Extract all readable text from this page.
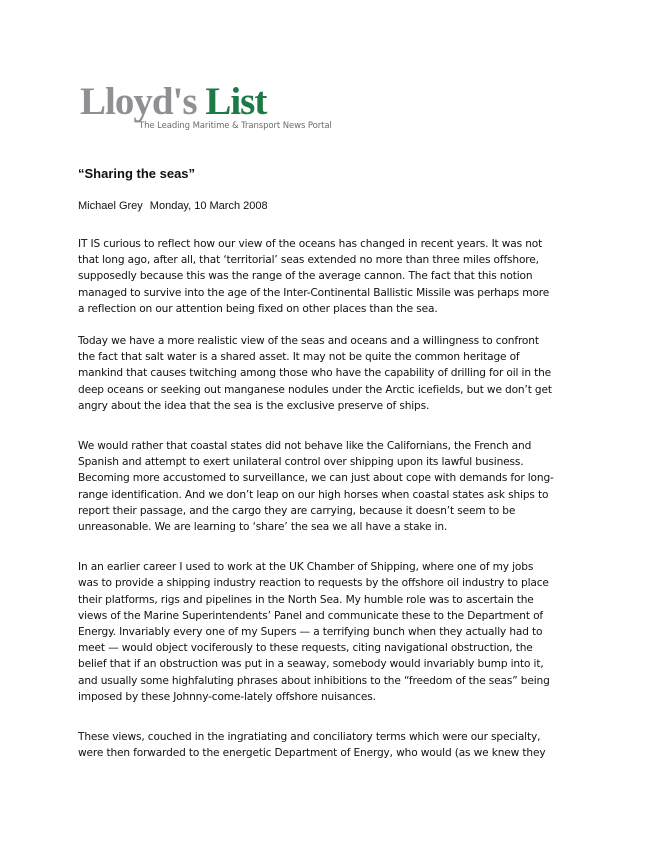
Lloyd's List
The Leading Maritime & Transport News Portal
“Sharing the seas”
Michael Grey Monday, 10 March 2008

IT IS curious to reflect how our view of the oceans has changed in recent years. It was not
that long ago, after all, that ‘territorial’ seas extended no more than three miles offshore,
supposedly because this was the range of the average cannon. The fact that this notion
managed to survive into the age of the Inter-Continental Ballistic Missile was perhaps more
a reflection on our attention being fixed on other places than the sea.

Today we have a more realistic view of the seas and oceans and a willingness to confront
the fact that salt water is a shared asset. It may not be quite the common heritage of
mankind that causes twitching among those who have the capability of drilling for oil in the
deep oceans or seeking out manganese nodules under the Arctic icefields, but we don’t get
angry about the idea that the sea is the exclusive preserve of ships.

We would rather that coastal states did not behave like the Californians, the French and
Spanish and attempt to exert unilateral control over shipping upon its lawful business.
Becoming more accustomed to surveillance, we can just about cope with demands for long-
range identification. And we don’t leap on our high horses when coastal states ask ships to
report their passage, and the cargo they are carrying, because it doesn’t seem to be
unreasonable. We are learning to ‘share’ the sea we all have a stake in.

In an earlier career I used to work at the UK Chamber of Shipping, where one of my jobs
was to provide a shipping industry reaction to requests by the offshore oil industry to place
their platforms, rigs and pipelines in the North Sea. My humble role was to ascertain the
views of the Marine Superintendents’ Panel and communicate these to the Department of
Energy. Invariably every one of my Supers — a terrifying bunch when they actually had to
meet — would object vociferously to these requests, citing navigational obstruction, the
belief that if an obstruction was put in a seaway, somebody would invariably bump into it,
and usually some highfaluting phrases about inhibitions to the “freedom of the seas” being
imposed by these Johnny-come-lately offshore nuisances.

These views, couched in the ingratiating and conciliatory terms which were our specialty,
were then forwarded to the energetic Department of Energy, who would (as we knew they
